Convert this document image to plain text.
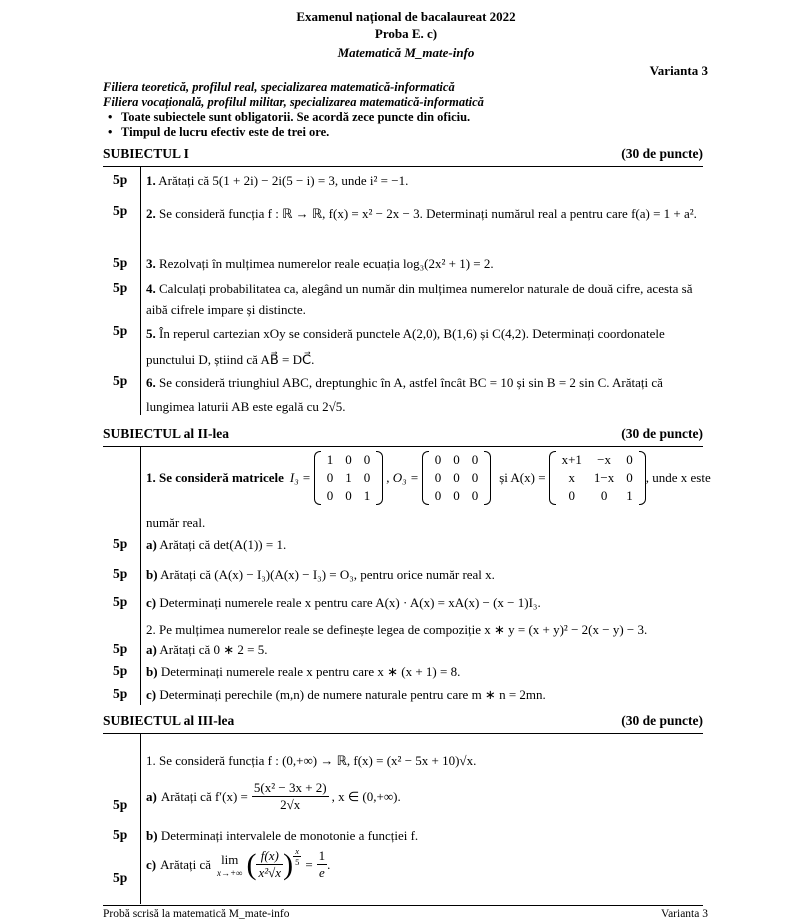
Examenul național de bacalaureat 2022
Proba E. c)
Matematică M_mate-info
Varianta 3
Filiera teoretică, profilul real, specializarea matematică-informatică
Filiera vocațională, profilul militar, specializarea matematică-informatică
• Toate subiectele sunt obligatorii. Se acordă zece puncte din oficiu.
• Timpul de lucru efectiv este de trei ore.
SUBIECTUL I	(30 de puncte)
5p 1. Arătați că 5(1 + 2i) − 2i(5 − i) = 3, unde i² = −1.
5p 2. Se consideră funcția f : ℝ → ℝ, f(x) = x² − 2x − 3. Determinați numărul real a pentru care f(a) = 1 + a².
5p 3. Rezolvați în mulțimea numerelor reale ecuația log₃(2x² + 1) = 2.
5p 4. Calculați probabilitatea ca, alegând un număr din mulțimea numerelor naturale de două cifre, acesta să aibă cifrele impare și distincte.
5p 5. În reperul cartezian xOy se consideră punctele A(2,0), B(1,6) și C(4,2). Determinați coordonatele punctului D, știind că AB⃗ = DC⃗.
5p 6. Se consideră triunghiul ABC, dreptunghic în A, astfel încât BC = 10 și sin B = 2 sin C. Arătați că lungimea laturii AB este egală cu 2√5.
SUBIECTUL al II-lea	(30 de puncte)
1. Se consideră matricele I₃ =
1	0	0
0	1	0
0	0	1
, O₃ =
0	0	0
0	0	0
0	0	0
și A(x) =
x+1	−x	0
x	1−x	0
0	0	1
, unde x este
număr real.
5p a) Arătați că det(A(1)) = 1.
5p b) Arătați că (A(x) − I₃)(A(x) − I₃) = O₃, pentru orice număr real x.
5p c) Determinați numerele reale x pentru care A(x) · A(x) = xA(x) − (x − 1)I₃.
2. Pe mulțimea numerelor reale se definește legea de compoziție x ∗ y = (x + y)² − 2(x − y) − 3.
5p a) Arătați că 0 ∗ 2 = 5.
5p b) Determinați numerele reale x pentru care x ∗ (x + 1) = 8.
5p c) Determinați perechile (m,n) de numere naturale pentru care m ∗ n = 2mn.
SUBIECTUL al III-lea	(30 de puncte)
1. Se consideră funcția f : (0,+∞) → ℝ, f(x) = (x² − 5x + 10)√x.
5p
a) Arătați că $f'(x) = \frac{\text{5(x² − 3x + 2)}}{2√x}$ , x ∈ (0,+∞).
5p b) Determinați intervalele de monotonie a funcției f.
5p
c) Arătați că lim
x→+∞ ( $\frac{f(x)}{\text{x²√x}}$ ) $\frac{x}{5} = \frac{1}{e}$ .
Probă scrisă la matematică M_mate-info	Varianta 3
